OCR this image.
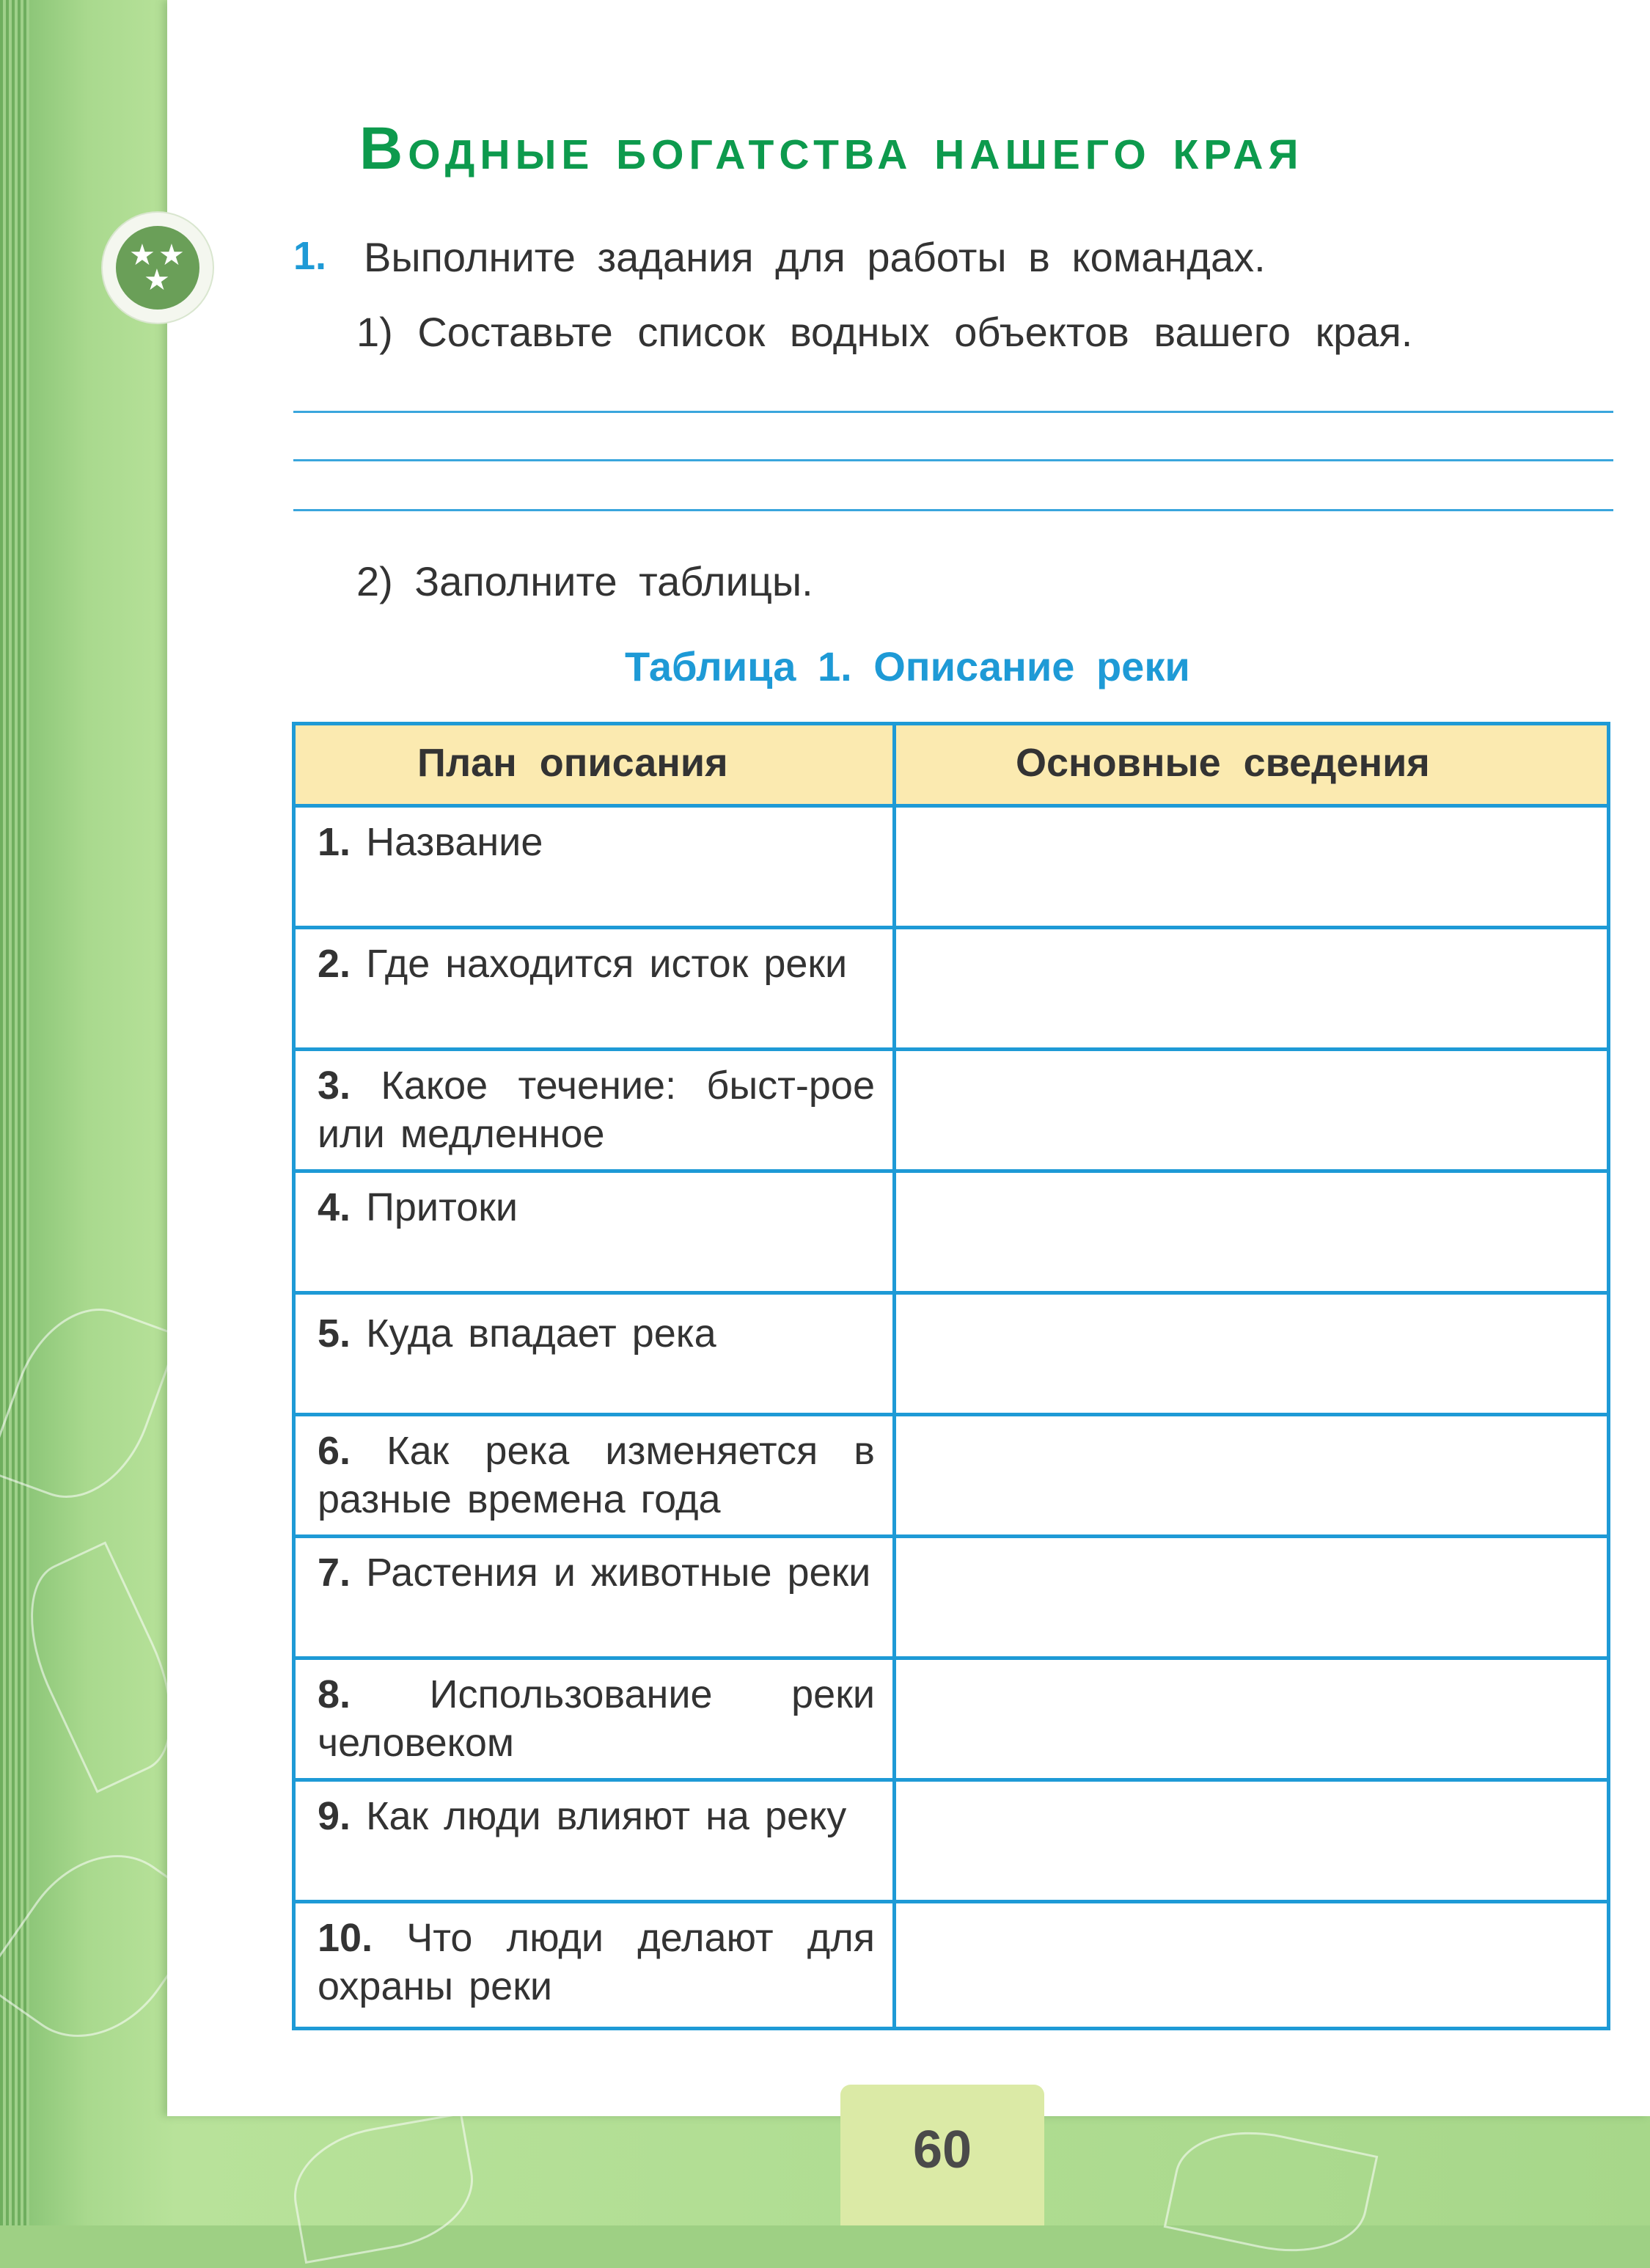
Водные богатства нашего края
★ ★
★
1. Выполните задания для работы в командах.
1) Составьте список водных объектов вашего края.
2) Заполните таблицы.
Таблица 1. Описание реки
План описания	Основные сведения
1. Название
2. Где находится исток реки
3. Какое течение: быст-рое или медленное
4. Притоки
5. Куда впадает река
6. Как река изменяется в разные времена года
7. Растения и животные реки
8. Использование реки человеком
9. Как люди влияют на реку
10. Что люди делают для охраны реки
60
